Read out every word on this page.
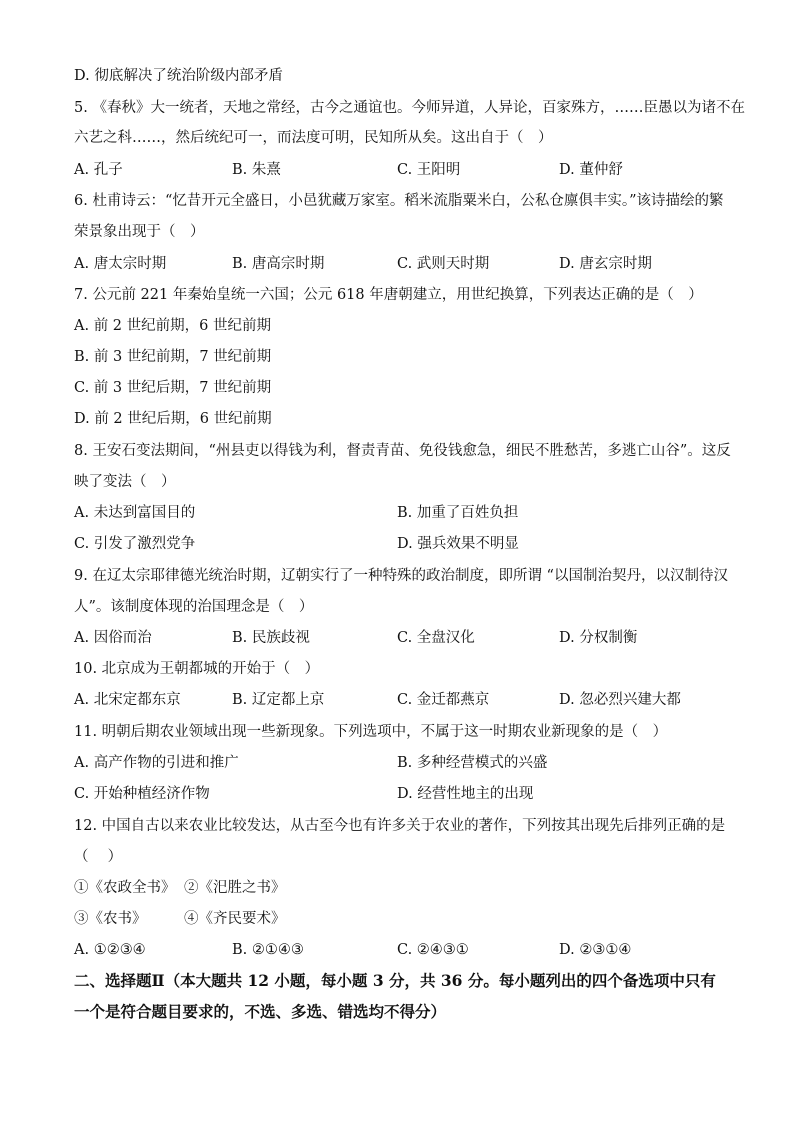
D. 彻底解决了统治阶级内部矛盾
5. 《春秋》大一统者，天地之常经，古今之通谊也。今师异道，人异论，百家殊方，……臣愚以为诸不在
六艺之科……，然后统纪可一，而法度可明，民知所从矣。这出自于（　）
A. 孔子	B. 朱熹	C. 王阳明	D. 董仲舒
6. 杜甫诗云：“忆昔开元全盛日，小邑犹藏万家室。稻米流脂粟米白，公私仓廪俱丰实。”该诗描绘的繁
荣景象出现于（　）
A. 唐太宗时期	B. 唐高宗时期	C. 武则天时期	D. 唐玄宗时期
7. 公元前 221 年秦始皇统一六国；公元 618 年唐朝建立，用世纪换算，下列表达正确的是（　）
A. 前 2 世纪前期，6 世纪前期
B. 前 3 世纪前期，7 世纪前期
C. 前 3 世纪后期，7 世纪前期
D. 前 2 世纪后期，6 世纪前期
8. 王安石变法期间，“州县吏以得钱为利，督责青苗、免役钱愈急，细民不胜愁苦，多逃亡山谷”。这反
映了变法（　）
A. 未达到富国目的	B. 加重了百姓负担
C. 引发了激烈党争	D. 强兵效果不明显
9. 在辽太宗耶律德光统治时期，辽朝实行了一种特殊的政治制度，即所谓 “以国制治契丹，以汉制待汉
人”。该制度体现的治国理念是（　）
A. 因俗而治	B. 民族歧视	C. 全盘汉化	D. 分权制衡
10. 北京成为王朝都城的开始于（　）
A. 北宋定都东京	B. 辽定都上京	C. 金迁都燕京	D. 忽必烈兴建大都
11. 明朝后期农业领域出现一些新现象。下列选项中，不属于这一时期农业新现象的是（　）
A. 高产作物的引进和推广	B. 多种经营模式的兴盛
C. 开始种植经济作物	D. 经营性地主的出现
12. 中国自古以来农业比较发达，从古至今也有许多关于农业的著作，下列按其出现先后排列正确的是
（　 ）
①《农政全书》 ②《汜胜之书》
③《农书》	④《齐民要术》
A. ①②③④	B. ②①④③	C. ②④③①	D. ②③①④
二、选择题Ⅱ（本大题共 12 小题，每小题 3 分，共 36 分。每小题列出的四个备选项中只有
一个是符合题目要求的，不选、多选、错选均不得分）
